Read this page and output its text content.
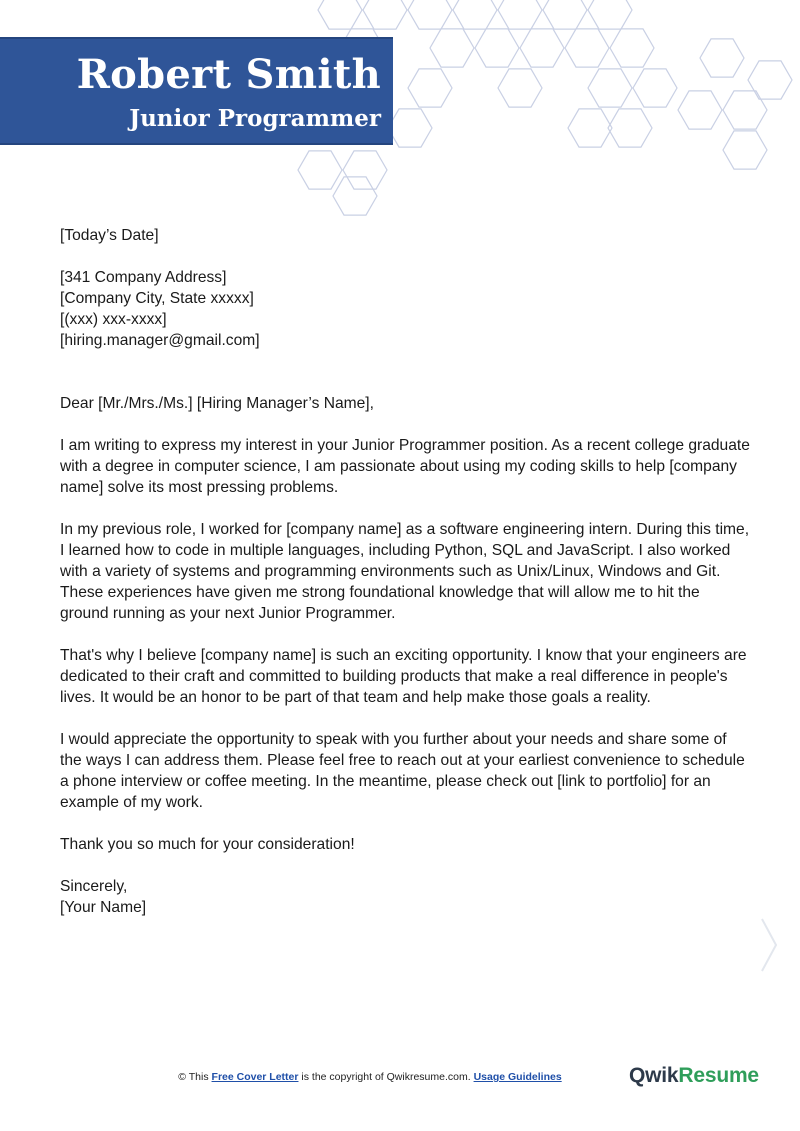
Robert Smith
Junior Programmer

[Today’s Date]

[341 Company Address]
[Company City, State xxxxx]
[(xxx) xxx-xxxx]
[hiring.manager@gmail.com]

Dear [Mr./Mrs./Ms.] [Hiring Manager’s Name],

I am writing to express my interest in your Junior Programmer position. As a recent college graduate with a degree in computer science, I am passionate about using my coding skills to help [company name] solve its most pressing problems.

In my previous role, I worked for [company name] as a software engineering intern. During this time, I learned how to code in multiple languages, including Python, SQL and JavaScript. I also worked with a variety of systems and programming environments such as Unix/Linux, Windows and Git. These experiences have given me strong foundational knowledge that will allow me to hit the ground running as your next Junior Programmer.

That's why I believe [company name] is such an exciting opportunity. I know that your engineers are dedicated to their craft and committed to building products that make a real difference in people's lives. It would be an honor to be part of that team and help make those goals a reality.

I would appreciate the opportunity to speak with you further about your needs and share some of the ways I can address them. Please feel free to reach out at your earliest convenience to schedule a phone interview or coffee meeting. In the meantime, please check out [link to portfolio] for an example of my work.

Thank you so much for your consideration!

Sincerely,
[Your Name]

© This Free Cover Letter is the copyright of Qwikresume.com. Usage Guidelines	QwikResume
